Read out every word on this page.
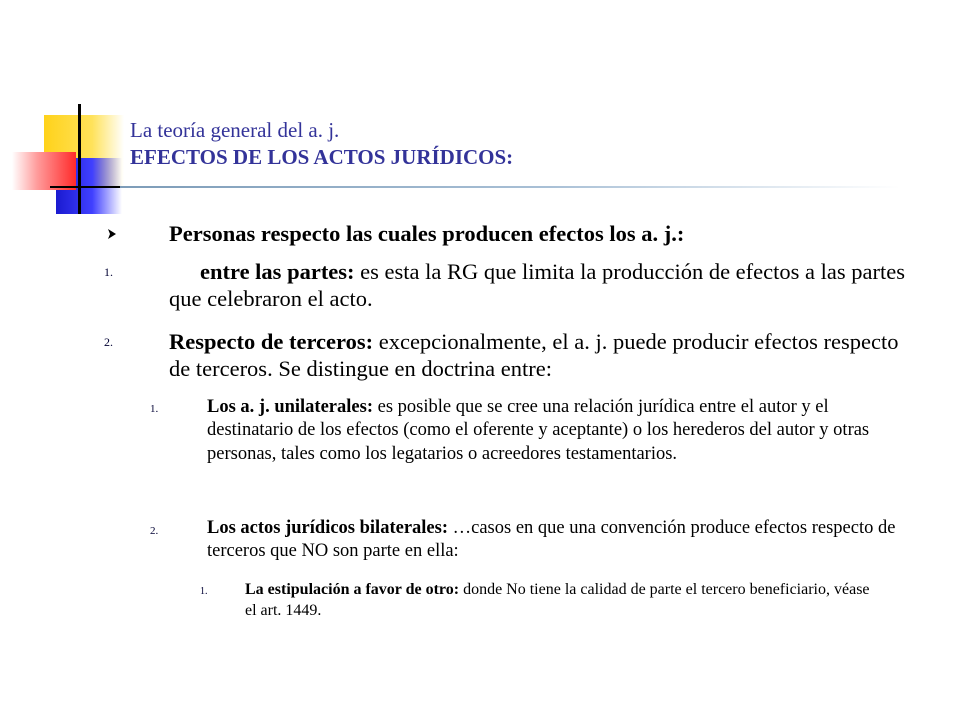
La teoría general del a. j.
EFECTOS DE LOS ACTOS JURÍDICOS:
Personas respecto las cuales producen efectos los a. j.:
1.	entre las partes: es esta la RG que limita la producción de efectos a las partes que celebraron el acto.
2. Respecto de terceros: excepcionalmente, el a. j. puede producir efectos respecto de terceros. Se distingue en doctrina entre:
1.	Los a. j. unilaterales: es posible que se cree una relación jurídica entre el autor y el destinatario de los efectos (como el oferente y aceptante) o los herederos del autor y otras personas, tales como los legatarios o acreedores testamentarios.
2.	Los actos jurídicos bilaterales: …casos en que una convención produce efectos respecto de terceros que NO son parte en ella:
1. La estipulación a favor de otro: donde No tiene la calidad de parte el tercero beneficiario, véase el art. 1449.
